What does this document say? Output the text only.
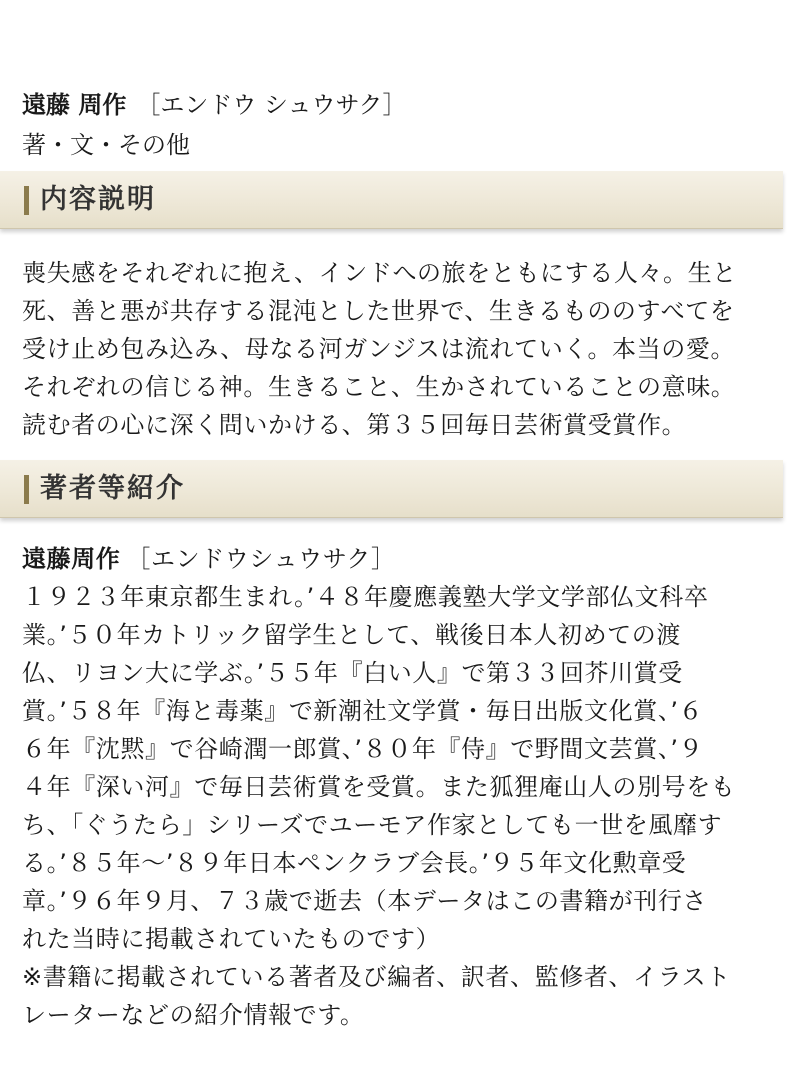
遠藤 周作 ［エンドウ シュウサク］
著・文・その他
内容説明
喪失感をそれぞれに抱え、インドへの旅をともにする人々。生と
死、善と悪が共存する混沌とした世界で、生きるもののすべてを
受け止め包み込み、母なる河ガンジスは流れていく。本当の愛。
それぞれの信じる神。生きること、生かされていることの意味。
読む者の心に深く問いかける、第３５回毎日芸術賞受賞作。
著者等紹介
遠藤周作 ［エンドウシュウサク］
１９２３年東京都生まれ。’４８年慶應義塾大学文学部仏文科卒
業。’５０年カトリック留学生として、戦後日本人初めての渡
仏、リヨン大に学ぶ。’５５年『白い人』で第３３回芥川賞受
賞。’５８年『海と毒薬』で新潮社文学賞・毎日出版文化賞、’６
６年『沈黙』で谷崎潤一郎賞、’８０年『侍』で野間文芸賞、’９
４年『深い河』で毎日芸術賞を受賞。また狐狸庵山人の別号をも
ち、「ぐうたら」シリーズでユーモア作家としても一世を風靡す
る。’８５年〜’８９年日本ペンクラブ会長。’９５年文化勲章受
章。’９６年９月、７３歳で逝去（本データはこの書籍が刊行さ
れた当時に掲載されていたものです）
※書籍に掲載されている著者及び編者、訳者、監修者、イラスト
レーターなどの紹介情報です。
